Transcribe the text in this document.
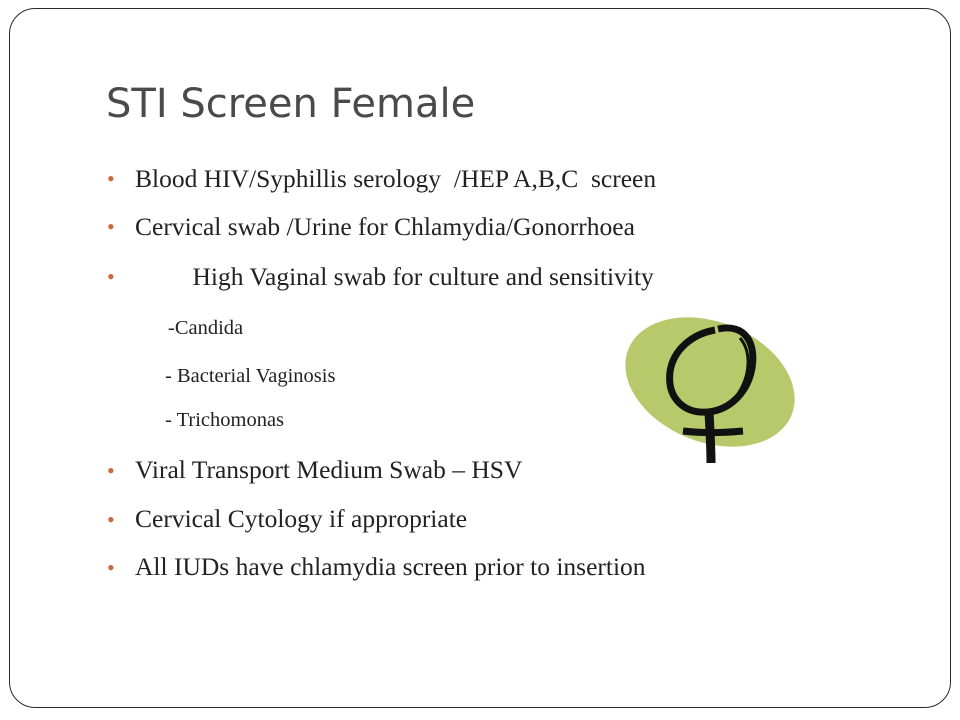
STI Screen Female
• Blood HIV/Syphillis serology  /HEP A,B,C  screen
• Cervical swab /Urine for Chlamydia/Gonorrhoea
• High Vaginal swab for culture and sensitivity
-Candida
- Bacterial Vaginosis
- Trichomonas
• Viral Transport Medium Swab – HSV
• Cervical Cytology if appropriate
• All IUDs have chlamydia screen prior to insertion
